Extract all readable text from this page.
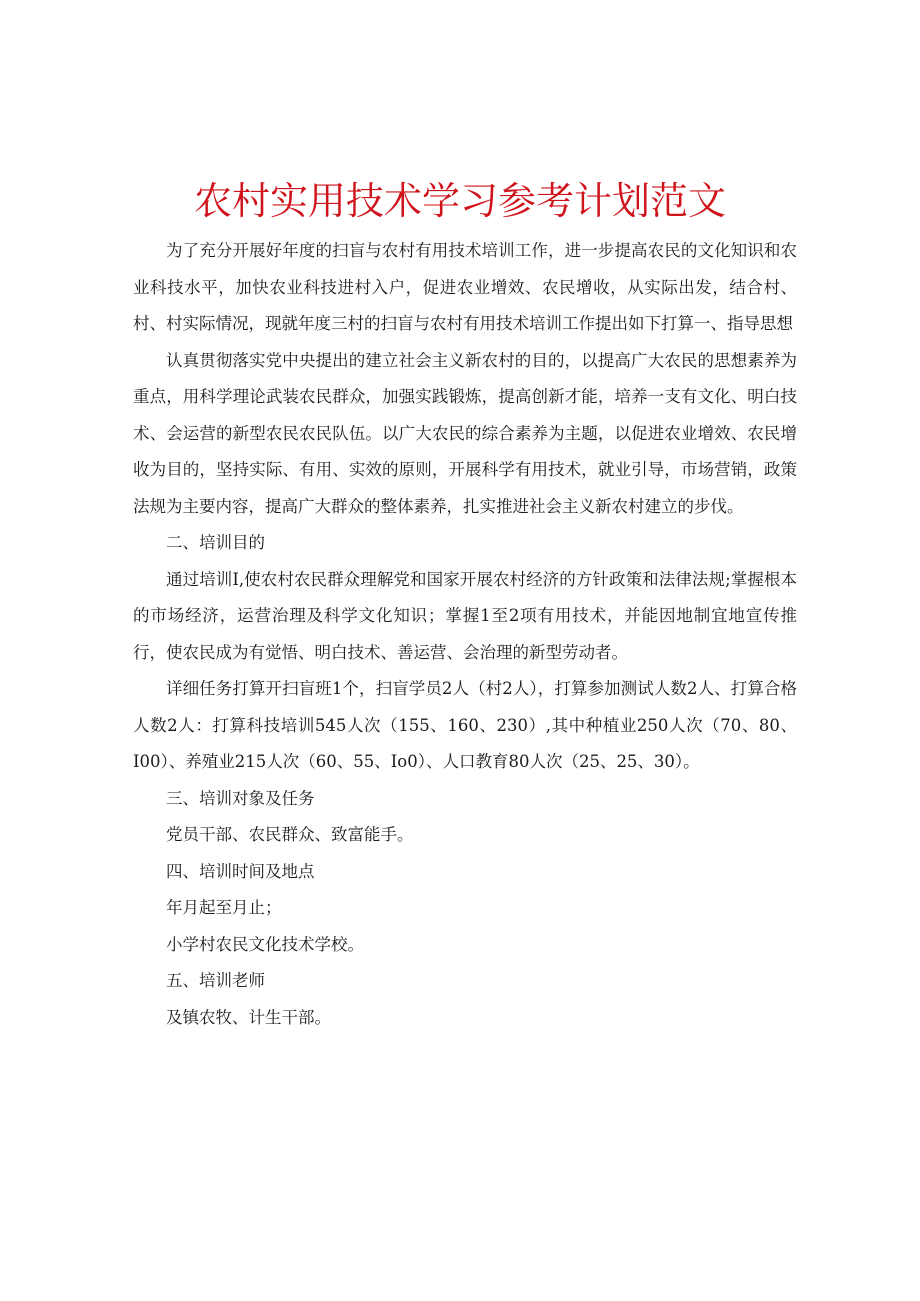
农村实用技术学习参考计划范文

为了充分开展好年度的扫盲与农村有用技术培训工作，进一步提高农民的文化知识和农业科技水平，加快农业科技进村入户，促进农业增效、农民增收，从实际出发，结合村、村、村实际情况，现就年度三村的扫盲与农村有用技术培训工作提出如下打算一、指导思想

认真贯彻落实党中央提出的建立社会主义新农村的目的，以提高广大农民的思想素养为重点，用科学理论武装农民群众，加强实践锻炼，提高创新才能，培养一支有文化、明白技术、会运营的新型农民农民队伍。以广大农民的综合素养为主题，以促进农业增效、农民增收为目的，坚持实际、有用、实效的原则，开展科学有用技术，就业引导，市场营销，政策法规为主要内容，提高广大群众的整体素养，扎实推进社会主义新农村建立的步伐。

二、培训目的

通过培训I,使农村农民群众理解党和国家开展农村经济的方针政策和法律法规;掌握根本的市场经济，运营治理及科学文化知识；掌握1至2项有用技术，并能因地制宜地宣传推行，使农民成为有觉悟、明白技术、善运营、会治理的新型劳动者。

详细任务打算开扫盲班1个，扫盲学员2人（村2人），打算参加测试人数2人、打算合格人数2人：打算科技培训545人次（155、160、230）,其中种植业250人次（70、80、I00）、养殖业215人次（60、55、Io0）、人口教育80人次（25、25、30）。

三、培训对象及任务

党员干部、农民群众、致富能手。

四、培训时间及地点

年月起至月止；

小学村农民文化技术学校。

五、培训老师

及镇农牧、计生干部。
